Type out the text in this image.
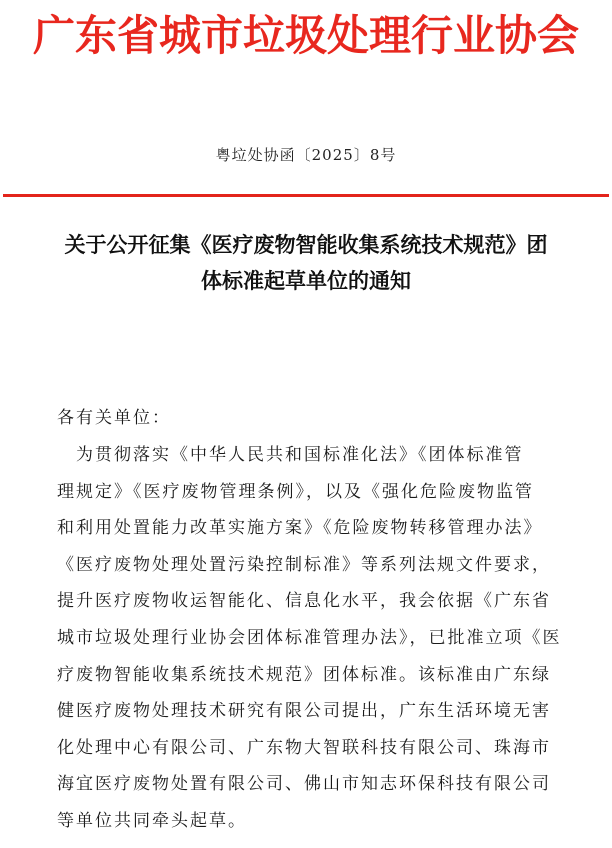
广东省城市垃圾处理行业协会
粤垃处协函〔2025〕8号
关于公开征集《医疗废物智能收集系统技术规范》团
体标准起草单位的通知
各有关单位：
　为贯彻落实《中华人民共和国标准化法》《团体标准管
理规定》《医疗废物管理条例》，以及《强化危险废物监管
和利用处置能力改革实施方案》《危险废物转移管理办法》
《医疗废物处理处置污染控制标准》等系列法规文件要求，
提升医疗废物收运智能化、信息化水平，我会依据《广东省
城市垃圾处理行业协会团体标准管理办法》，已批准立项《医
疗废物智能收集系统技术规范》团体标准。该标准由广东绿
健医疗废物处理技术研究有限公司提出，广东生活环境无害
化处理中心有限公司、广东物大智联科技有限公司、珠海市
海宜医疗废物处置有限公司、佛山市知志环保科技有限公司
等单位共同牵头起草。
